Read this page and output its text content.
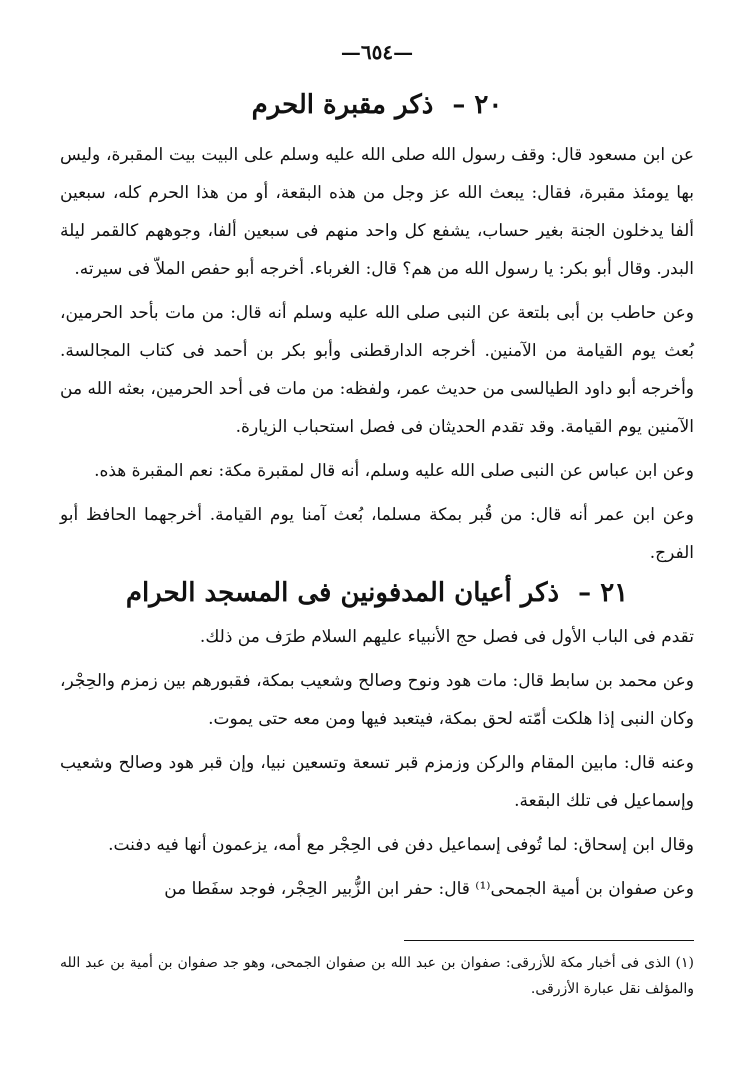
—٦٥٤—
٢٠ – ذكر مقبرة الحرم

عن ابن مسعود قال: وقف رسول الله صلى الله عليه وسلم على البيت بيت المقبرة، وليس بها يومئذ مقبرة، فقال: يبعث الله عز وجل من هذه البقعة، أو من هذا الحرم كله، سبعين ألفا يدخلون الجنة بغير حساب، يشفع كل واحد منهم فى سبعين ألفا، وجوههم كالقمر ليلة البدر. وقال أبو بكر: يا رسول الله من هم؟ قال: الغرباء. أخرجه أبو حفص الملاّ فى سيرته.

وعن حاطب بن أبى بلتعة عن النبى صلى الله عليه وسلم أنه قال: من مات بأحد الحرمين، بُعث يوم القيامة من الآمنين. أخرجه الدارقطنى وأبو بكر بن أحمد فى كتاب المجالسة. وأخرجه أبو داود الطيالسى من حديث عمر، ولفظه: من مات فى أحد الحرمين، بعثه الله من الآمنين يوم القيامة. وقد تقدم الحديثان فى فصل استحباب الزيارة.

وعن ابن عباس عن النبى صلى الله عليه وسلم، أنه قال لمقبرة مكة: نعم المقبرة هذه.

وعن ابن عمر أنه قال: من قُبر بمكة مسلما، بُعث آمنا يوم القيامة. أخرجهما الحافظ أبو الفرج.

٢١ – ذكر أعيان المدفونين فى المسجد الحرام

تقدم فى الباب الأول فى فصل حج الأنبياء عليهم السلام طرَف من ذلك.

وعن محمد بن سابط قال: مات هود ونوح وصالح وشعيب بمكة، فقبورهم بين زمزم والحِجْر، وكان النبى إذا هلكت أمّته لحق بمكة، فيتعبد فيها ومن معه حتى يموت.

وعنه قال: مابين المقام والركن وزمزم قبر تسعة وتسعين نبيا، وإن قبر هود وصالح وشعيب وإسماعيل فى تلك البقعة.

وقال ابن إسحاق: لما تُوفى إسماعيل دفن فى الحِجْر مع أمه، يزعمون أنها فيه دفنت.

وعن صفوان بن أمية الجمحى⁽¹⁾ قال: حفر ابن الزُّبير الحِجْر، فوجد سفَطا من

(١) الذى فى أخبار مكة للأزرقى: صفوان بن عبد الله بن صفوان الجمحى، وهو جد صفوان بن أمية بن عبد الله والمؤلف نقل عبارة الأزرقى.
